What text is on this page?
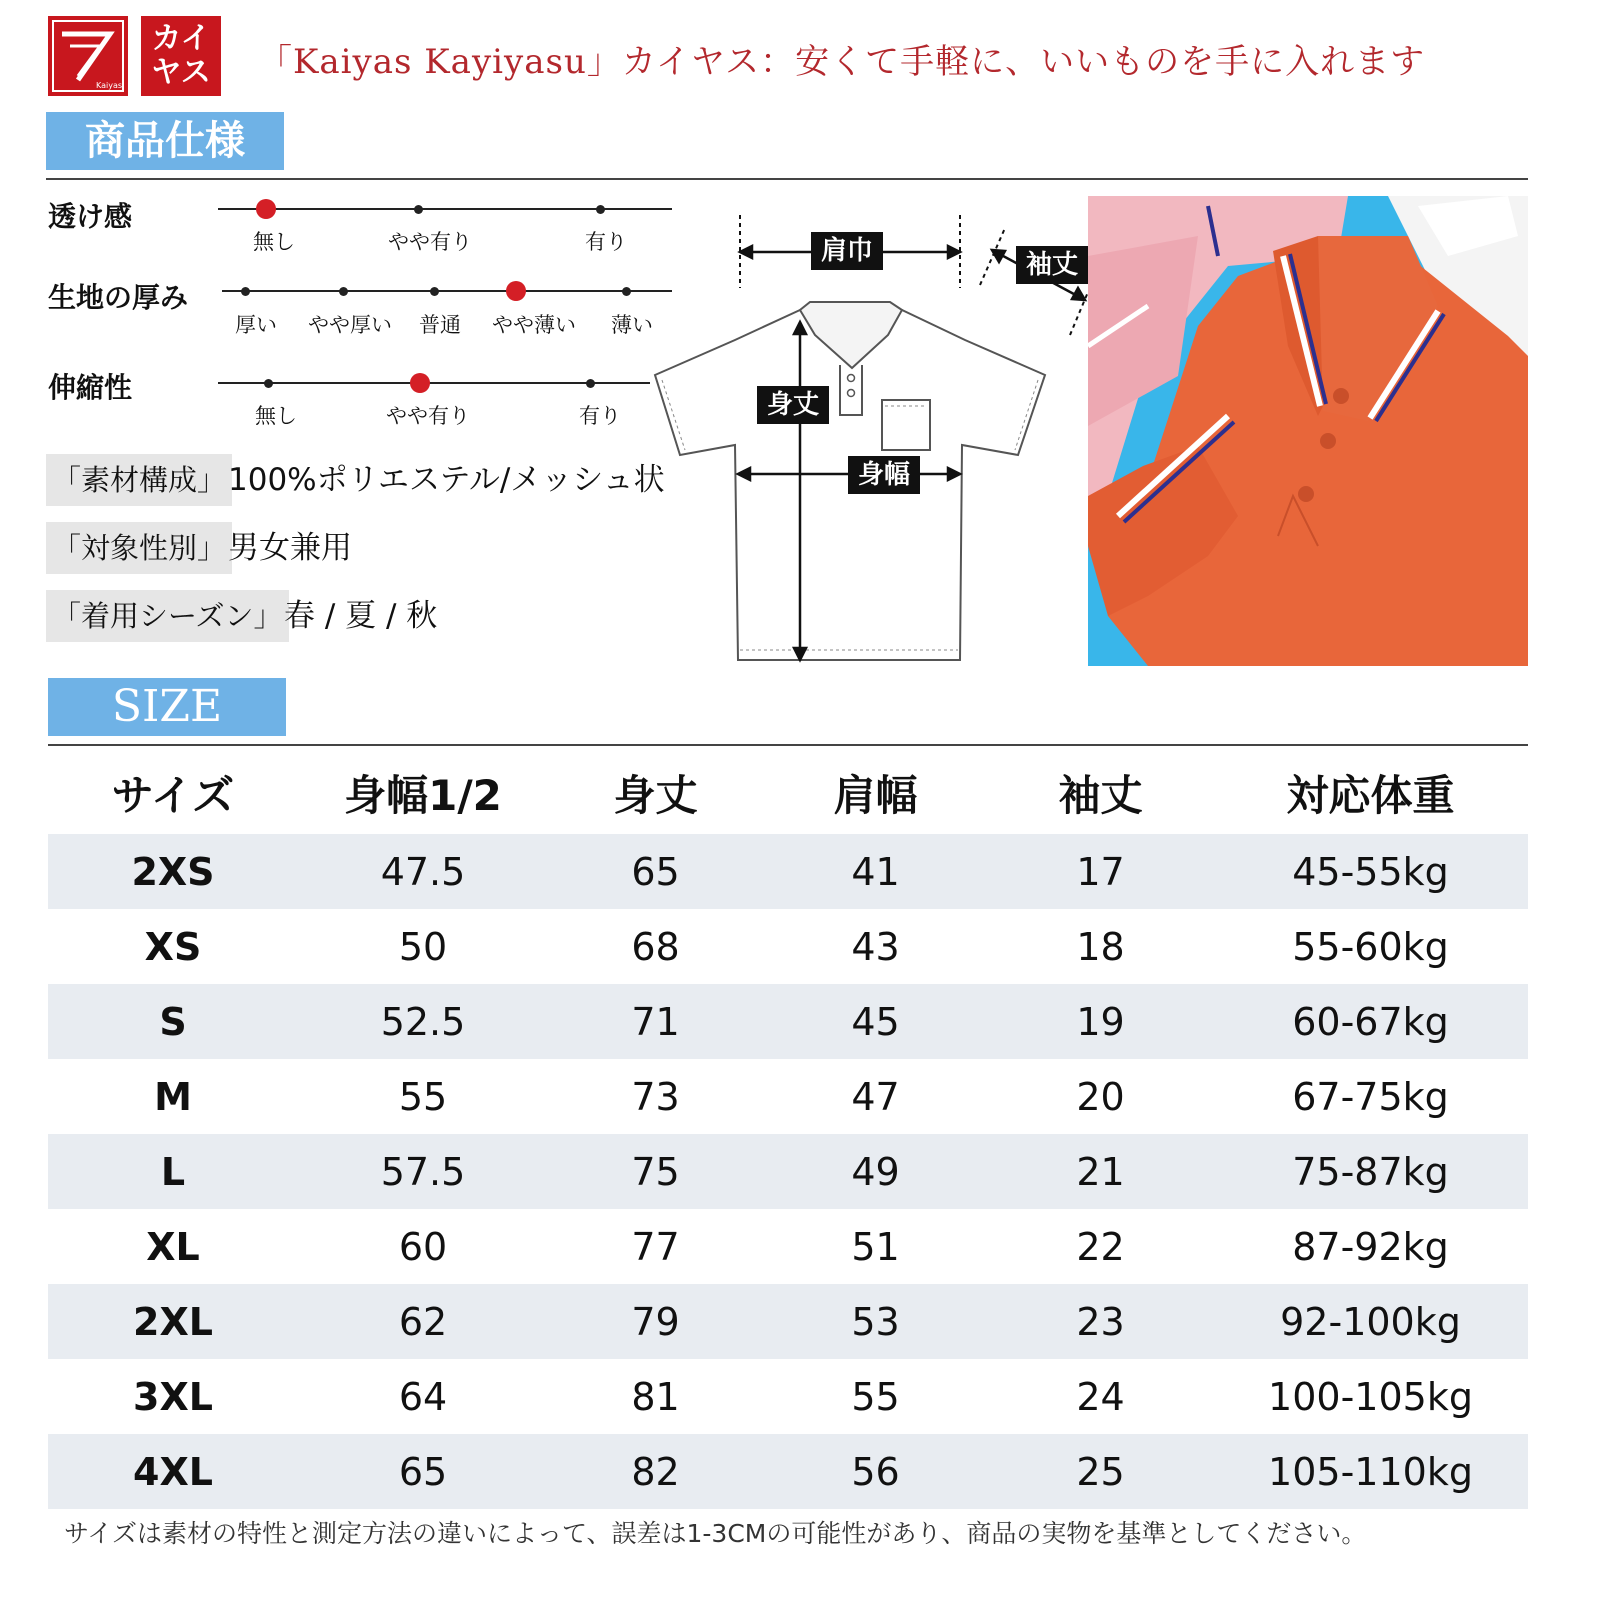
Kaiyas
カイ
ヤス	「Kaiyas Kayiyasu」カイヤス：安くて手軽に、いいものを手に入れます
商品仕様
透け感
無し	やや有り	有り
生地の厚み
厚い やや厚い 普通 やや薄い 薄い
伸縮性
無し	やや有り	有り
「素材構成」 100%ポリエステル/メッシュ状
「対象性別」 男女兼用
「着用シーズン」 春 / 夏 / 秋
肩巾	袖丈
身丈
身幅
SIZE
サイズ	身幅1/2	身丈	肩幅	袖丈	対応体重
2XS	47.5	65	41	17	45-55kg
XS	50	68	43	18	55-60kg
S	52.5	71	45	19	60-67kg
M	55	73	47	20	67-75kg
L	57.5	75	49	21	75-87kg
XL	60	77	51	22	87-92kg
2XL	62	79	53	23	92-100kg
3XL	64	81	55	24	100-105kg
4XL	65	82	56	25	105-110kg
サイズは素材の特性と測定方法の違いによって、誤差は1-3CMの可能性があり、商品の実物を基準としてください。
